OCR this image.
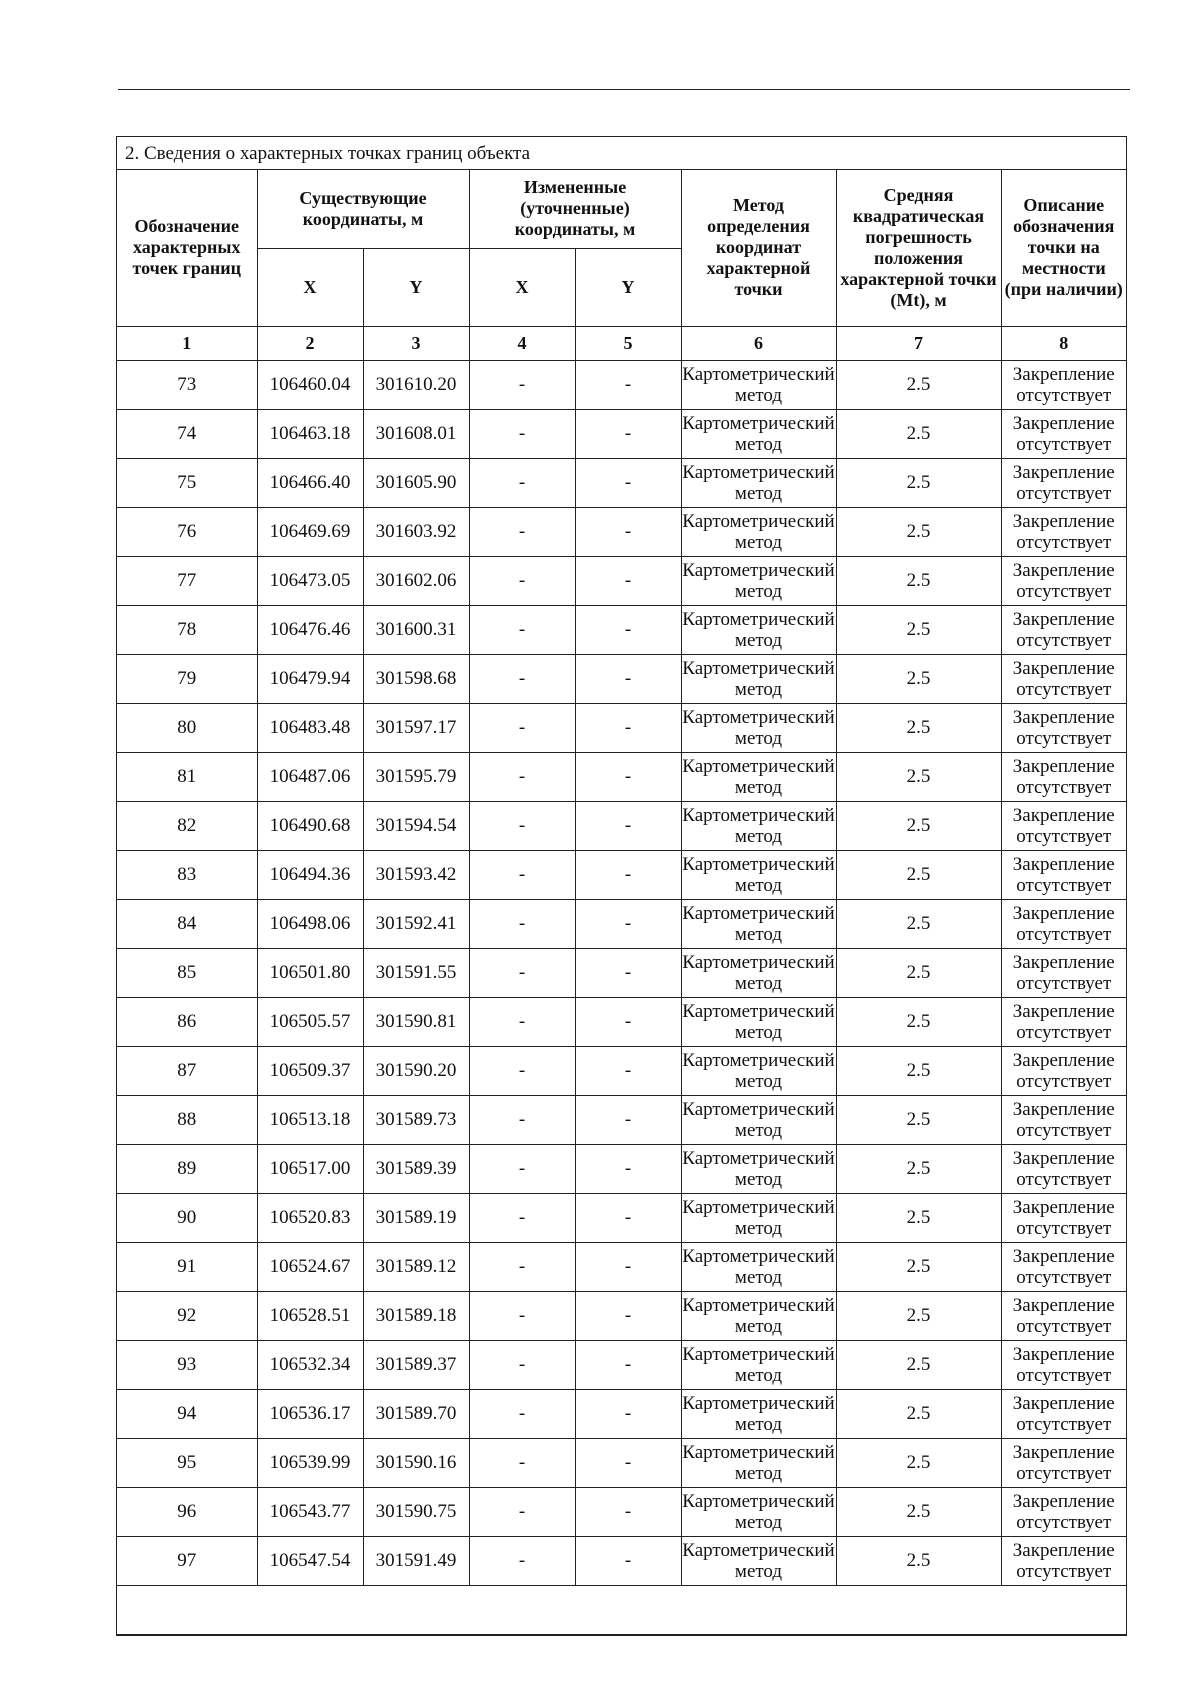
2. Сведения о характерных точках границ объекта
Обозначение характерных точек границ	Существующие координаты, м		Измененные (уточненные) координаты, м		Метод определения координат характерной точки	Средняя квадратическая погрешность положения характерной точки (Mt), м	Описание обозначения точки на местности (при наличии)
	X	Y	X	Y			
1	2	3	4	5	6	7	8
73	106460.04	301610.20	-	-	Картометрический метод	2.5	Закрепление отсутствует
74	106463.18	301608.01	-	-	Картометрический метод	2.5	Закрепление отсутствует
75	106466.40	301605.90	-	-	Картометрический метод	2.5	Закрепление отсутствует
76	106469.69	301603.92	-	-	Картометрический метод	2.5	Закрепление отсутствует
77	106473.05	301602.06	-	-	Картометрический метод	2.5	Закрепление отсутствует
78	106476.46	301600.31	-	-	Картометрический метод	2.5	Закрепление отсутствует
79	106479.94	301598.68	-	-	Картометрический метод	2.5	Закрепление отсутствует
80	106483.48	301597.17	-	-	Картометрический метод	2.5	Закрепление отсутствует
81	106487.06	301595.79	-	-	Картометрический метод	2.5	Закрепление отсутствует
82	106490.68	301594.54	-	-	Картометрический метод	2.5	Закрепление отсутствует
83	106494.36	301593.42	-	-	Картометрический метод	2.5	Закрепление отсутствует
84	106498.06	301592.41	-	-	Картометрический метод	2.5	Закрепление отсутствует
85	106501.80	301591.55	-	-	Картометрический метод	2.5	Закрепление отсутствует
86	106505.57	301590.81	-	-	Картометрический метод	2.5	Закрепление отсутствует
87	106509.37	301590.20	-	-	Картометрический метод	2.5	Закрепление отсутствует
88	106513.18	301589.73	-	-	Картометрический метод	2.5	Закрепление отсутствует
89	106517.00	301589.39	-	-	Картометрический метод	2.5	Закрепление отсутствует
90	106520.83	301589.19	-	-	Картометрический метод	2.5	Закрепление отсутствует
91	106524.67	301589.12	-	-	Картометрический метод	2.5	Закрепление отсутствует
92	106528.51	301589.18	-	-	Картометрический метод	2.5	Закрепление отсутствует
93	106532.34	301589.37	-	-	Картометрический метод	2.5	Закрепление отсутствует
94	106536.17	301589.70	-	-	Картометрический метод	2.5	Закрепление отсутствует
95	106539.99	301590.16	-	-	Картометрический метод	2.5	Закрепление отсутствует
96	106543.77	301590.75	-	-	Картометрический метод	2.5	Закрепление отсутствует
97	106547.54	301591.49	-	-	Картометрический метод	2.5	Закрепление отсутствует
